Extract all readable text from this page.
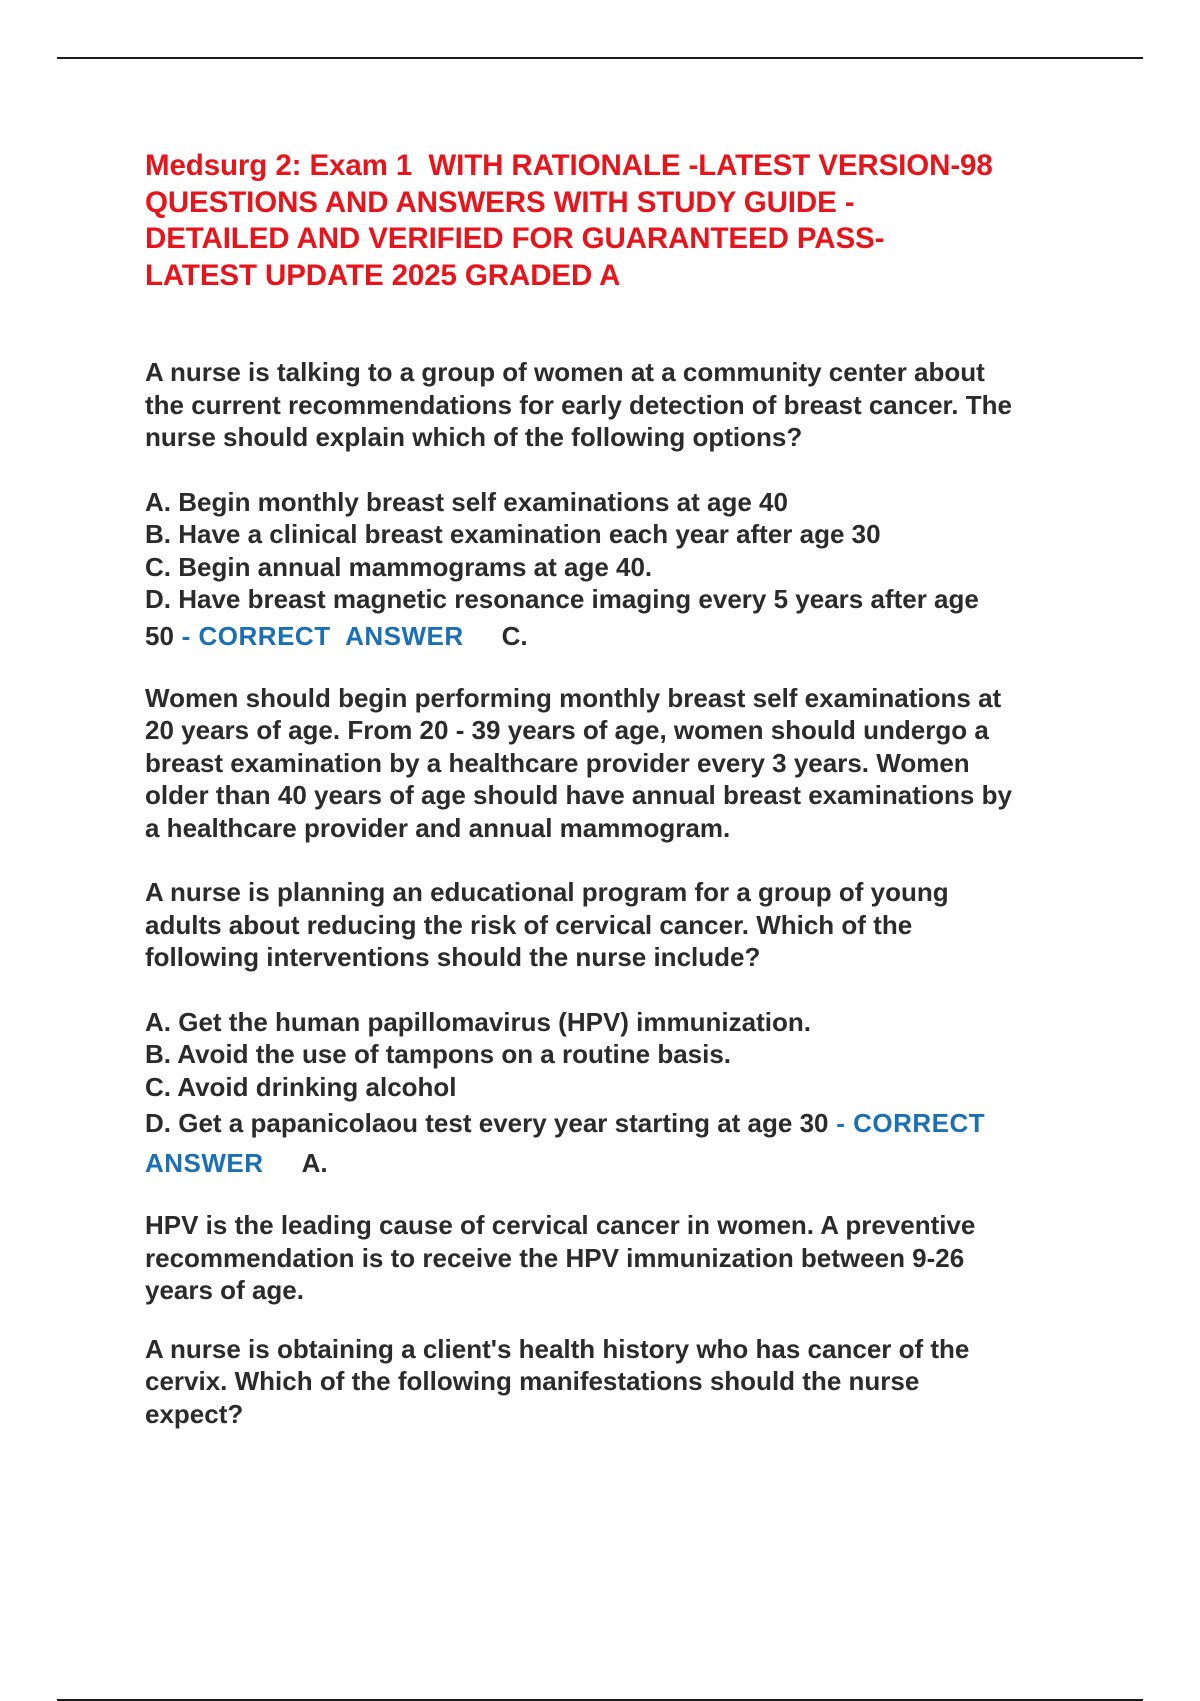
Medsurg 2: Exam 1  WITH RATIONALE -LATEST VERSION-98
QUESTIONS AND ANSWERS WITH STUDY GUIDE -
DETAILED AND VERIFIED FOR GUARANTEED PASS-
LATEST UPDATE 2025 GRADED A

A nurse is talking to a group of women at a community center about
the current recommendations for early detection of breast cancer. The
nurse should explain which of the following options?

A. Begin monthly breast self examinations at age 40
B. Have a clinical breast examination each year after age 30
C. Begin annual mammograms at age 40.
D. Have breast magnetic resonance imaging every 5 years after age
50 - CORRECT  ANSWER C.

Women should begin performing monthly breast self examinations at
20 years of age. From 20 - 39 years of age, women should undergo a
breast examination by a healthcare provider every 3 years. Women
older than 40 years of age should have annual breast examinations by
a healthcare provider and annual mammogram.

A nurse is planning an educational program for a group of young
adults about reducing the risk of cervical cancer. Which of the
following interventions should the nurse include?

A. Get the human papillomavirus (HPV) immunization.
B. Avoid the use of tampons on a routine basis.
C. Avoid drinking alcohol
D. Get a papanicolaou test every year starting at age 30 - CORRECT
ANSWER A.

HPV is the leading cause of cervical cancer in women. A preventive
recommendation is to receive the HPV immunization between 9-26
years of age.

A nurse is obtaining a client's health history who has cancer of the
cervix. Which of the following manifestations should the nurse
expect?
